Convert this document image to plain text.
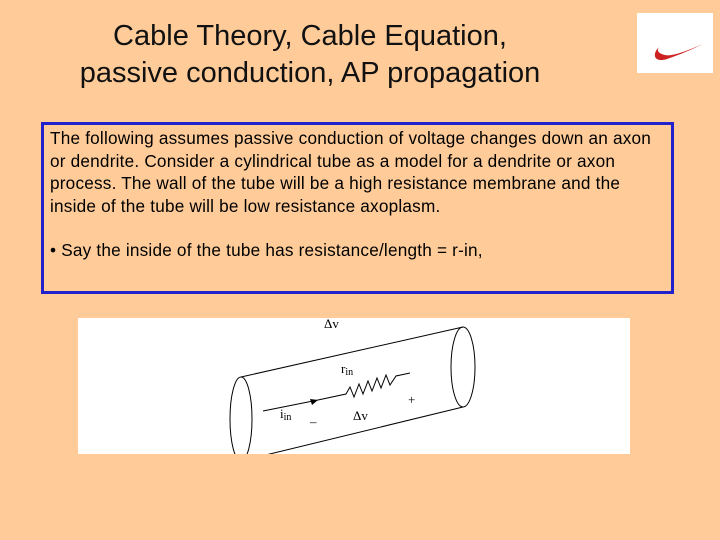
Cable Theory, Cable Equation,
passive conduction, AP propagation

The following assumes passive conduction of voltage changes down an axon or dendrite. Consider a cylindrical tube as a model for a dendrite or axon process. The wall of the tube will be a high resistance membrane and the inside of the tube will be low resistance axoplasm.

• Say the inside of the tube has resistance/length = r-in,

Δv
rin
iin –
+
Δv
